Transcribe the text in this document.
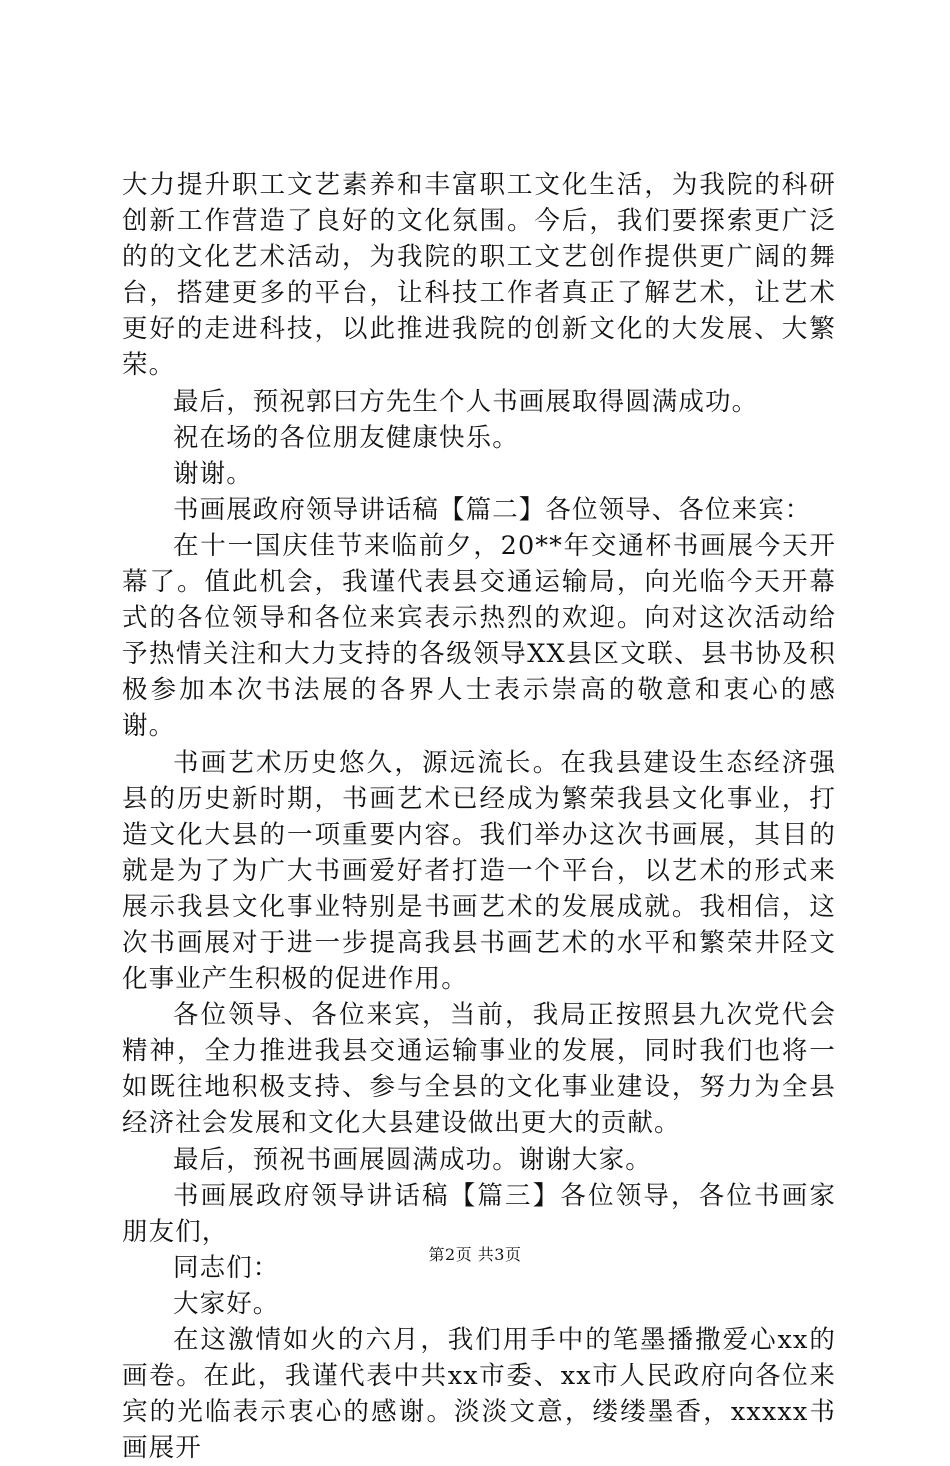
大力提升职工文艺素养和丰富职工文化生活，为我院的科研创新工作营造了良好的文化氛围。今后，我们要探索更广泛的的文化艺术活动，为我院的职工文艺创作提供更广阔的舞台，搭建更多的平台，让科技工作者真正了解艺术，让艺术更好的走进科技，以此推进我院的创新文化的大发展、大繁荣。

最后，预祝郭曰方先生个人书画展取得圆满成功。

祝在场的各位朋友健康快乐。

谢谢。

书画展政府领导讲话稿【篇二】各位领导、各位来宾：

在十一国庆佳节来临前夕，20**年交通杯书画展今天开幕了。值此机会，我谨代表县交通运输局，向光临今天开幕式的各位领导和各位来宾表示热烈的欢迎。向对这次活动给予热情关注和大力支持的各级领导XX县区文联、县书协及积极参加本次书法展的各界人士表示崇高的敬意和衷心的感谢。

书画艺术历史悠久，源远流长。在我县建设生态经济强县的历史新时期，书画艺术已经成为繁荣我县文化事业，打造文化大县的一项重要内容。我们举办这次书画展，其目的就是为了为广大书画爱好者打造一个平台，以艺术的形式来展示我县文化事业特别是书画艺术的发展成就。我相信，这次书画展对于进一步提高我县书画艺术的水平和繁荣井陉文化事业产生积极的促进作用。

各位领导、各位来宾，当前，我局正按照县九次党代会精神，全力推进我县交通运输事业的发展，同时我们也将一如既往地积极支持、参与全县的文化事业建设，努力为全县经济社会发展和文化大县建设做出更大的贡献。

最后，预祝书画展圆满成功。谢谢大家。

书画展政府领导讲话稿【篇三】各位领导，各位书画家朋友们，

同志们：

大家好。

在这激情如火的六月，我们用手中的笔墨播撒爱心xx的画卷。在此，我谨代表中共xx市委、xx市人民政府向各位来宾的光临表示衷心的感谢。淡淡文意，缕缕墨香，xxxxx书画展开

第2页 共3页
